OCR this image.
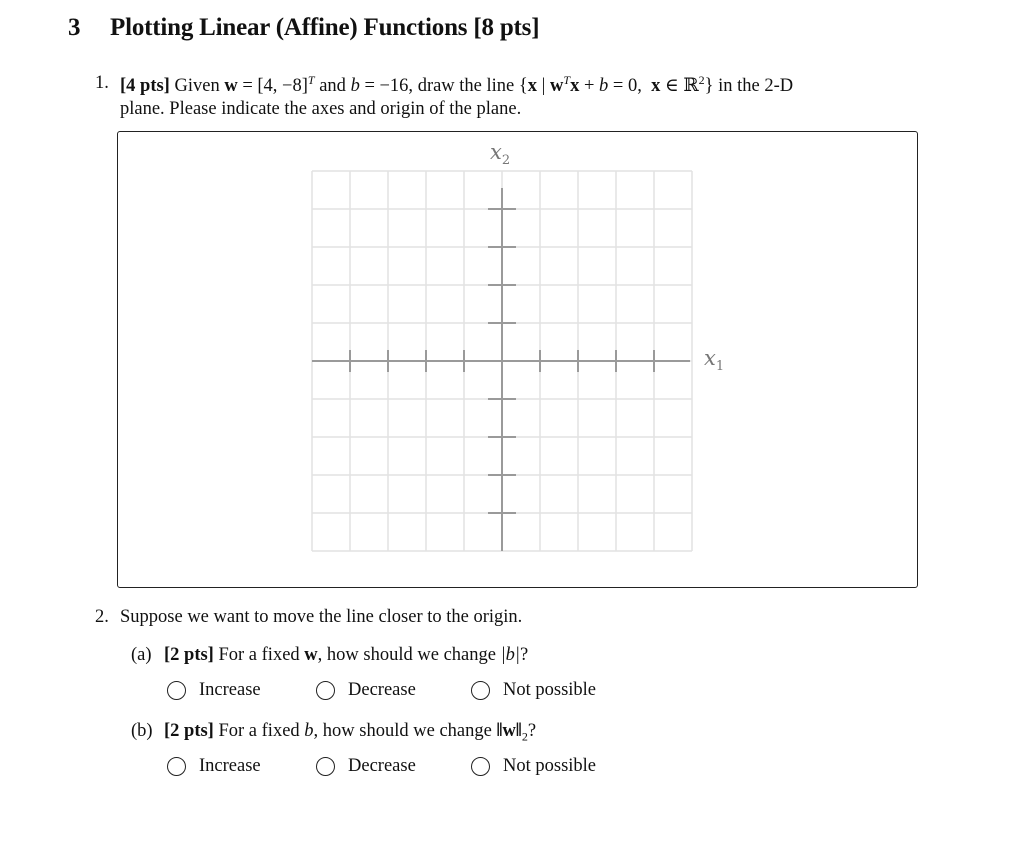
3 Plotting Linear (Affine) Functions [8 pts]
1. [4 pts] Given w = [4, −8]$^T$ and b = −16, draw the line {x | $w^Tx + b = 0$, x ∈ ℝ$^2$} in the 2-D
plane. Please indicate the axes and origin of the plane.
$x_2$
$x_1$
2. Suppose we want to move the line closer to the origin.
(a) [2 pts] For a fixed w, how should we change |b|?
Increase	Decrease	Not possible
(b) [2 pts] For a fixed b, how should we change $‖w‖_2$?
Increase	Decrease	Not possible
